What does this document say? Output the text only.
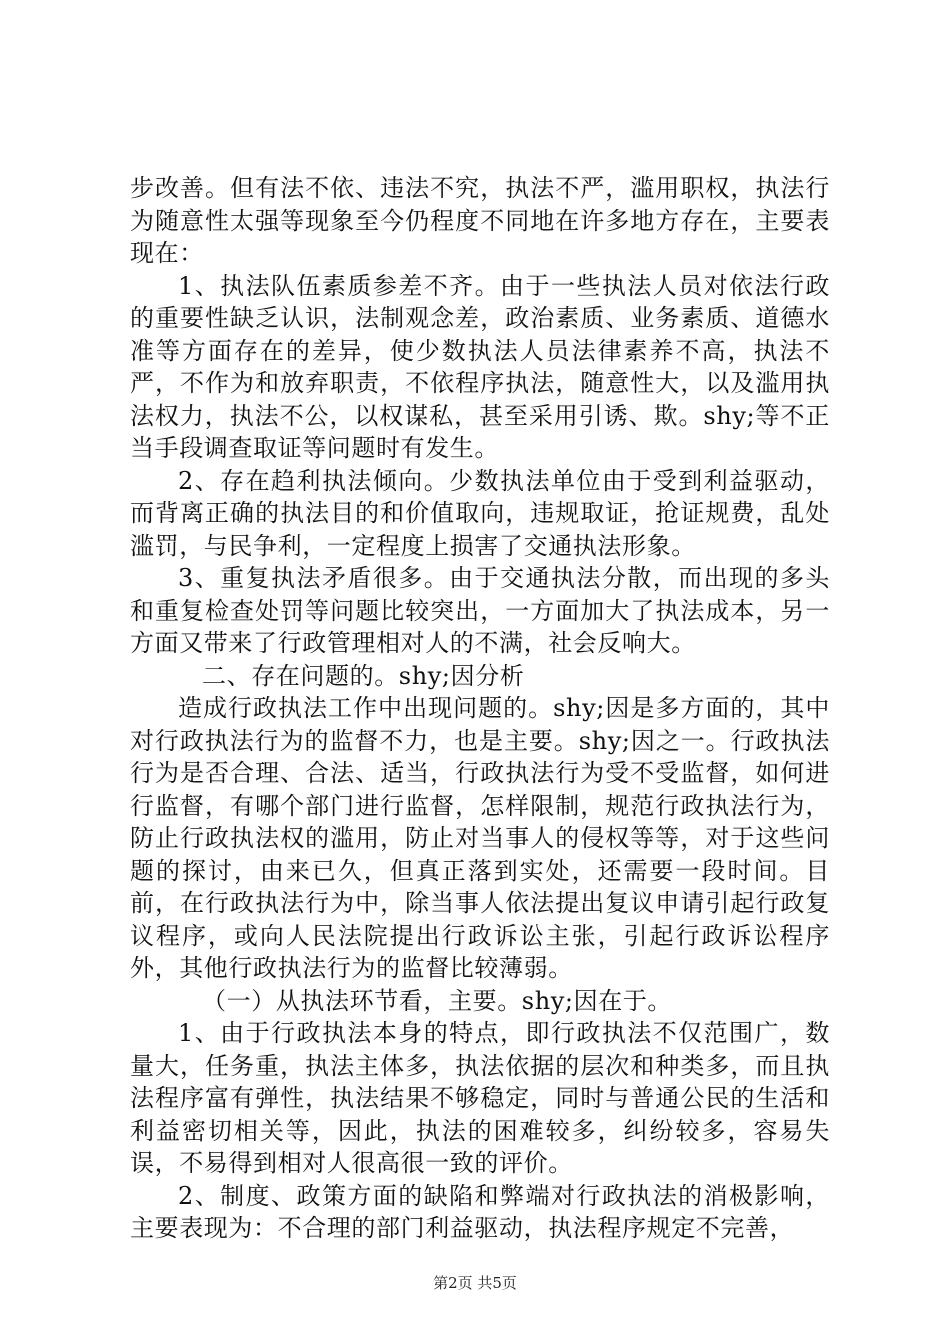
步改善。但有法不依、违法不究，执法不严，滥用职权，执法行为随意性太强等现象至今仍程度不同地在许多地方存在，主要表现在：

1、执法队伍素质参差不齐。由于一些执法人员对依法行政的重要性缺乏认识，法制观念差，政治素质、业务素质、道德水准等方面存在的差异，使少数执法人员法律素养不高，执法不严，不作为和放弃职责，不依程序执法，随意性大，以及滥用执法权力，执法不公，以权谋私，甚至采用引诱、欺。shy;等不正当手段调查取证等问题时有发生。

2、存在趋利执法倾向。少数执法单位由于受到利益驱动，而背离正确的执法目的和价值取向，违规取证，抢证规费，乱处滥罚，与民争利，一定程度上损害了交通执法形象。

3、重复执法矛盾很多。由于交通执法分散，而出现的多头和重复检查处罚等问题比较突出，一方面加大了执法成本，另一方面又带来了行政管理相对人的不满，社会反响大。

二、存在问题的。shy;因分析

造成行政执法工作中出现问题的。shy;因是多方面的，其中对行政执法行为的监督不力，也是主要。shy;因之一。行政执法行为是否合理、合法、适当，行政执法行为受不受监督，如何进行监督，有哪个部门进行监督，怎样限制，规范行政执法行为，防止行政执法权的滥用，防止对当事人的侵权等等，对于这些问题的探讨，由来已久，但真正落到实处，还需要一段时间。目前，在行政执法行为中，除当事人依法提出复议申请引起行政复议程序，或向人民法院提出行政诉讼主张，引起行政诉讼程序外，其他行政执法行为的监督比较薄弱。

（一）从执法环节看，主要。shy;因在于。

1、由于行政执法本身的特点，即行政执法不仅范围广，数量大，任务重，执法主体多，执法依据的层次和种类多，而且执法程序富有弹性，执法结果不够稳定，同时与普通公民的生活和利益密切相关等，因此，执法的困难较多，纠纷较多，容易失误，不易得到相对人很高很一致的评价。

2、制度、政策方面的缺陷和弊端对行政执法的消极影响，主要表现为：不合理的部门利益驱动，执法程序规定不完善，

第2页 共5页
